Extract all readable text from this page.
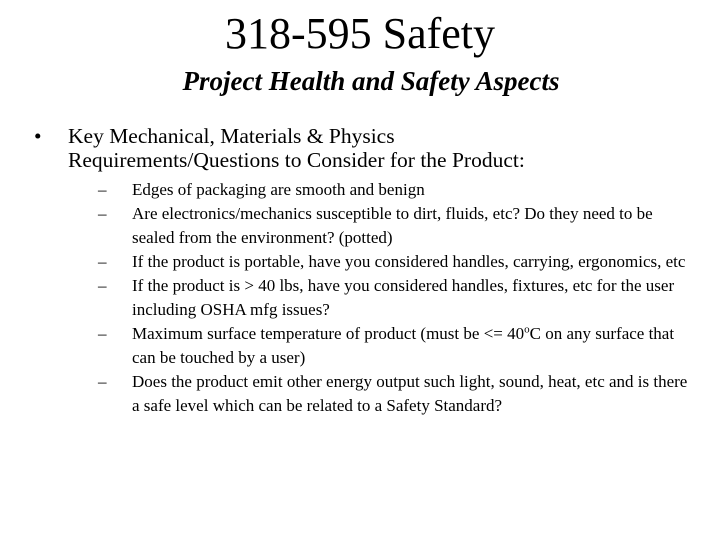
318-595 Safety
Project Health and Safety Aspects
•	Key Mechanical, Materials & Physics
Requirements/Questions to Consider for the Product:
–	Edges of packaging are smooth and benign
–	Are electronics/mechanics susceptible to dirt, fluids, etc? Do they need to be sealed from the environment? (potted)
–	If the product is portable, have you considered handles, carrying, ergonomics, etc
–	If the product is > 40 lbs, have you considered handles, fixtures, etc for the user including OSHA mfg issues?
–	Maximum surface temperature of product (must be <= $40^oC$ on any surface that can be touched by a user)
–	Does the product emit other energy output such light, sound, heat, etc and is there a safe level which can be related to a Safety Standard?
